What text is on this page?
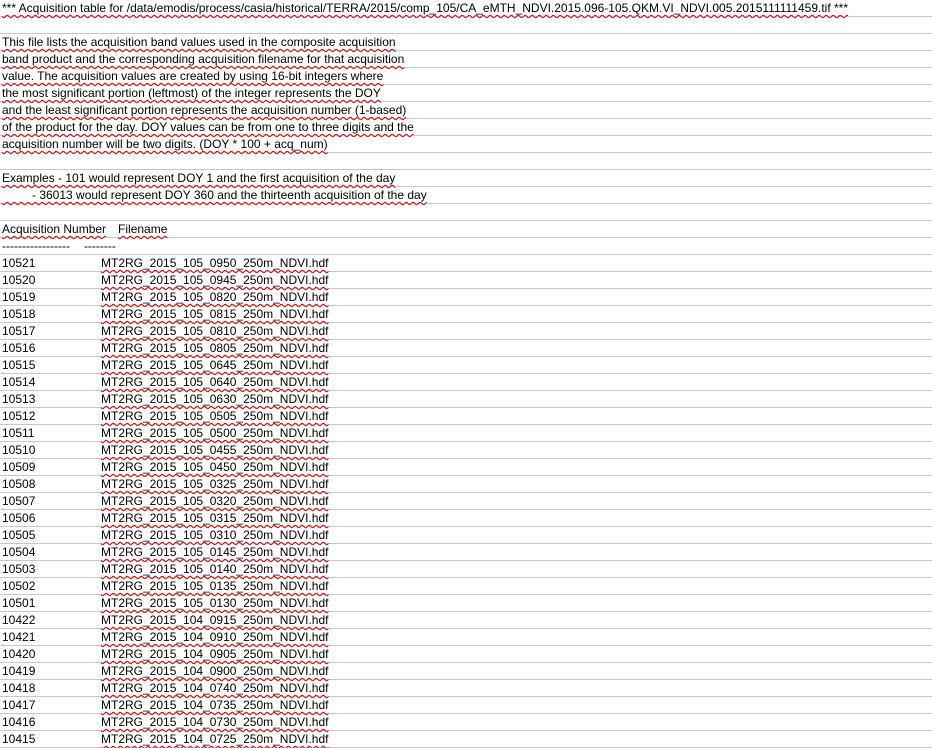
*** Acquisition table for /data/emodis/process/casia/historical/TERRA/2015/comp_105/CA_eMTH_NDVI.2015.096-105.QKM.VI_NDVI.005.2015111111459.tif ***
This file lists the acquisition band values used in the composite acquisition
band product and the corresponding acquisition filename for that acquisition
value. The acquisition values are created by using 16-bit integers where
the most significant portion (leftmost) of the integer represents the DOY
and the least significant portion represents the acquisition number (1-based)
of the product for the day. DOY values can be from one to three digits and the
acquisition number will be two digits. (DOY * 100 + acq_num)
Examples - 101 would represent DOY 1 and the first acquisition of the day
- 36013 would represent DOY 360 and the thirteenth acquisition of the day
Acquisition Number Filename
----------------- --------
10521	MT2RG_2015_105_0950_250m_NDVI.hdf
10520	MT2RG_2015_105_0945_250m_NDVI.hdf
10519	MT2RG_2015_105_0820_250m_NDVI.hdf
10518	MT2RG_2015_105_0815_250m_NDVI.hdf
10517	MT2RG_2015_105_0810_250m_NDVI.hdf
10516	MT2RG_2015_105_0805_250m_NDVI.hdf
10515	MT2RG_2015_105_0645_250m_NDVI.hdf
10514	MT2RG_2015_105_0640_250m_NDVI.hdf
10513	MT2RG_2015_105_0630_250m_NDVI.hdf
10512	MT2RG_2015_105_0505_250m_NDVI.hdf
10511	MT2RG_2015_105_0500_250m_NDVI.hdf
10510	MT2RG_2015_105_0455_250m_NDVI.hdf
10509	MT2RG_2015_105_0450_250m_NDVI.hdf
10508	MT2RG_2015_105_0325_250m_NDVI.hdf
10507	MT2RG_2015_105_0320_250m_NDVI.hdf
10506	MT2RG_2015_105_0315_250m_NDVI.hdf
10505	MT2RG_2015_105_0310_250m_NDVI.hdf
10504	MT2RG_2015_105_0145_250m_NDVI.hdf
10503	MT2RG_2015_105_0140_250m_NDVI.hdf
10502	MT2RG_2015_105_0135_250m_NDVI.hdf
10501	MT2RG_2015_105_0130_250m_NDVI.hdf
10422	MT2RG_2015_104_0915_250m_NDVI.hdf
10421	MT2RG_2015_104_0910_250m_NDVI.hdf
10420	MT2RG_2015_104_0905_250m_NDVI.hdf
10419	MT2RG_2015_104_0900_250m_NDVI.hdf
10418	MT2RG_2015_104_0740_250m_NDVI.hdf
10417	MT2RG_2015_104_0735_250m_NDVI.hdf
10416	MT2RG_2015_104_0730_250m_NDVI.hdf
10415	MT2RG_2015_104_0725_250m_NDVI.hdf
